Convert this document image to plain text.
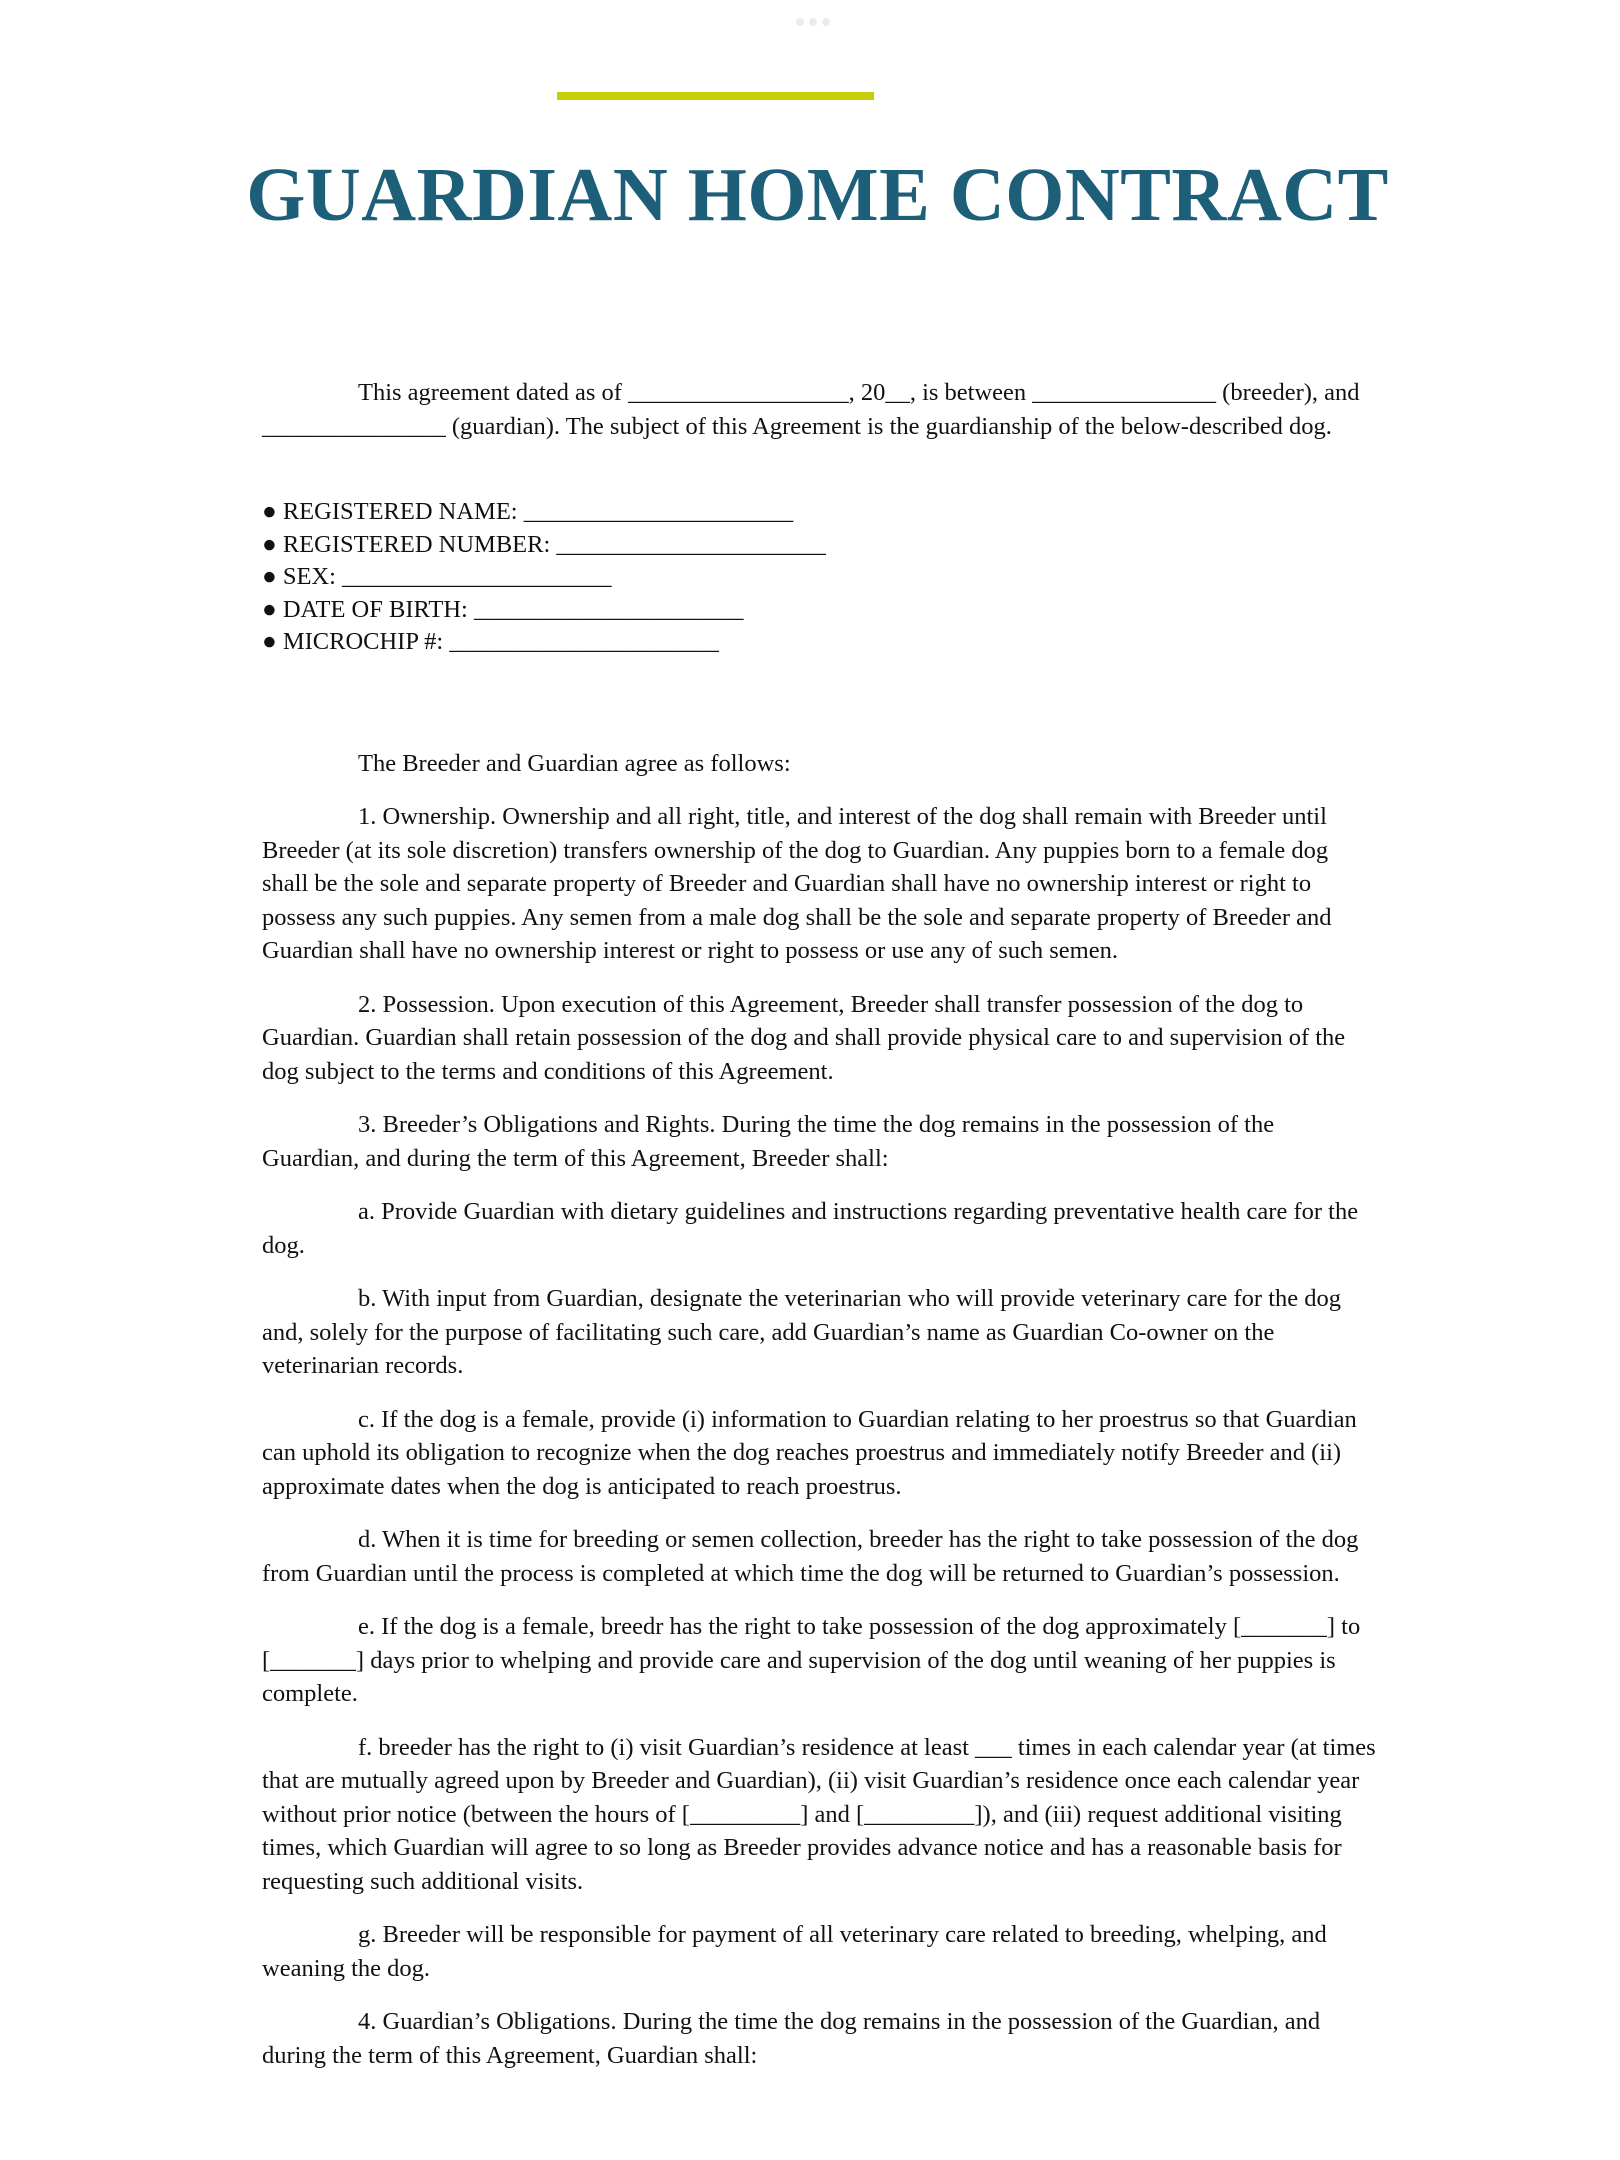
GUARDIAN HOME CONTRACT

This agreement dated as of __________________, 20__, is between _______________ (breeder), and _______________ (guardian). The subject of this Agreement is the guardianship of the below-described dog.

● REGISTERED NAME: ______________________
● REGISTERED NUMBER: ______________________
● SEX: ______________________
● DATE OF BIRTH: ______________________
● MICROCHIP #: ______________________

The Breeder and Guardian agree as follows:

1. Ownership. Ownership and all right, title, and interest of the dog shall remain with Breeder until Breeder (at its sole discretion) transfers ownership of the dog to Guardian. Any puppies born to a female dog shall be the sole and separate property of Breeder and Guardian shall have no ownership interest or right to possess any such puppies. Any semen from a male dog shall be the sole and separate property of Breeder and Guardian shall have no ownership interest or right to possess or use any of such semen.

2. Possession. Upon execution of this Agreement, Breeder shall transfer possession of the dog to Guardian. Guardian shall retain possession of the dog and shall provide physical care to and supervision of the dog subject to the terms and conditions of this Agreement.

3. Breeder’s Obligations and Rights. During the time the dog remains in the possession of the Guardian, and during the term of this Agreement, Breeder shall:

a. Provide Guardian with dietary guidelines and instructions regarding preventative health care for the dog.

b. With input from Guardian, designate the veterinarian who will provide veterinary care for the dog and, solely for the purpose of facilitating such care, add Guardian’s name as Guardian Co-owner on the veterinarian records.

c. If the dog is a female, provide (i) information to Guardian relating to her proestrus so that Guardian can uphold its obligation to recognize when the dog reaches proestrus and immediately notify Breeder and (ii) approximate dates when the dog is anticipated to reach proestrus.

d. When it is time for breeding or semen collection, breeder has the right to take possession of the dog from Guardian until the process is completed at which time the dog will be returned to Guardian’s possession.

e. If the dog is a female, breedr has the right to take possession of the dog approximately [_______] to [_______] days prior to whelping and provide care and supervision of the dog until weaning of her puppies is complete.

f. breeder has the right to (i) visit Guardian’s residence at least ___ times in each calendar year (at times that are mutually agreed upon by Breeder and Guardian), (ii) visit Guardian’s residence once each calendar year without prior notice (between the hours of [_________] and [_________]), and (iii) request additional visiting times, which Guardian will agree to so long as Breeder provides advance notice and has a reasonable basis for requesting such additional visits.

g. Breeder will be responsible for payment of all veterinary care related to breeding, whelping, and weaning the dog.

4. Guardian’s Obligations. During the time the dog remains in the possession of the Guardian, and during the term of this Agreement, Guardian shall:
